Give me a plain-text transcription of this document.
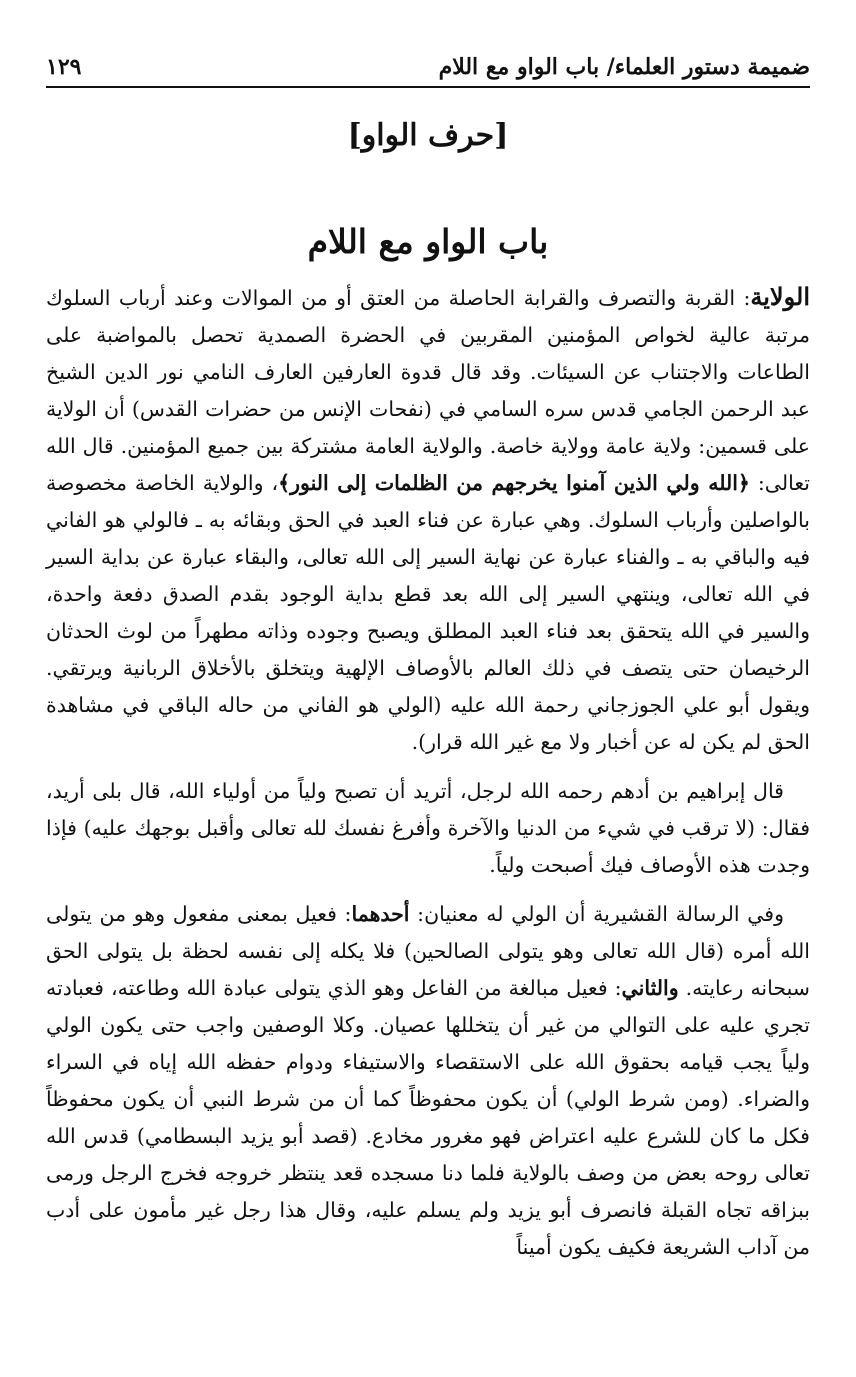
ضميمة دستور العلماء/ باب الواو مع اللام
١٢٩
[حرف الواو]
باب الواو مع اللام

الولاية: القربة والتصرف والقرابة الحاصلة من العتق أو من الموالات وعند أرباب السلوك مرتبة عالية لخواص المؤمنين المقربين في الحضرة الصمدية تحصل بالمواضبة على الطاعات والاجتناب عن السيئات. وقد قال قدوة العارفين العارف النامي نور الدين الشيخ عبد الرحمن الجامي قدس سره السامي في (نفحات الإنس من حضرات القدس) أن الولاية على قسمين: ولاية عامة وولاية خاصة. والولاية العامة مشتركة بين جميع المؤمنين. قال الله تعالى: ﴿الله ولي الذين آمنوا يخرجهم من الظلمات إلى النور﴾، والولاية الخاصة مخصوصة بالواصلين وأرباب السلوك. وهي عبارة عن فناء العبد في الحق وبقائه به ـ فالولي هو الفاني فيه والباقي به ـ والفناء عبارة عن نهاية السير إلى الله تعالى، والبقاء عبارة عن بداية السير في الله تعالى، وينتهي السير إلى الله بعد قطع بداية الوجود بقدم الصدق دفعة واحدة، والسير في الله يتحقق بعد فناء العبد المطلق ويصبح وجوده وذاته مطهراً من لوث الحدثان الرخيصان حتى يتصف في ذلك العالم بالأوصاف الإلهية ويتخلق بالأخلاق الربانية ويرتقي. ويقول أبو علي الجوزجاني رحمة الله عليه (الولي هو الفاني من حاله الباقي في مشاهدة الحق لم يكن له عن أخبار ولا مع غير الله قرار).

قال إبراهيم بن أدهم رحمه الله لرجل، أتريد أن تصبح ولياً من أولياء الله، قال بلى أريد، فقال: (لا ترقب في شيء من الدنيا والآخرة وأفرغ نفسك لله تعالى وأقبل بوجهك عليه) فإذا وجدت هذه الأوصاف فيك أصبحت ولياً.

وفي الرسالة القشيرية أن الولي له معنيان: أحدهما: فعيل بمعنى مفعول وهو من يتولى الله أمره (قال الله تعالى وهو يتولى الصالحين) فلا يكله إلى نفسه لحظة بل يتولى الحق سبحانه رعايته. والثاني: فعيل مبالغة من الفاعل وهو الذي يتولى عبادة الله وطاعته، فعبادته تجري عليه على التوالي من غير أن يتخللها عصيان. وكلا الوصفين واجب حتى يكون الولي ولياً يجب قيامه بحقوق الله على الاستقصاء والاستيفاء ودوام حفظه الله إياه في السراء والضراء. (ومن شرط الولي) أن يكون محفوظاً كما أن من شرط النبي أن يكون محفوظاً فكل ما كان للشرع عليه اعتراض فهو مغرور مخادع. (قصد أبو يزيد البسطامي) قدس الله تعالى روحه بعض من وصف بالولاية فلما دنا مسجده قعد ينتظر خروجه فخرج الرجل ورمى ببزاقه تجاه القبلة فانصرف أبو يزيد ولم يسلم عليه، وقال هذا رجل غير مأمون على أدب من آداب الشريعة فكيف يكون أميناً
